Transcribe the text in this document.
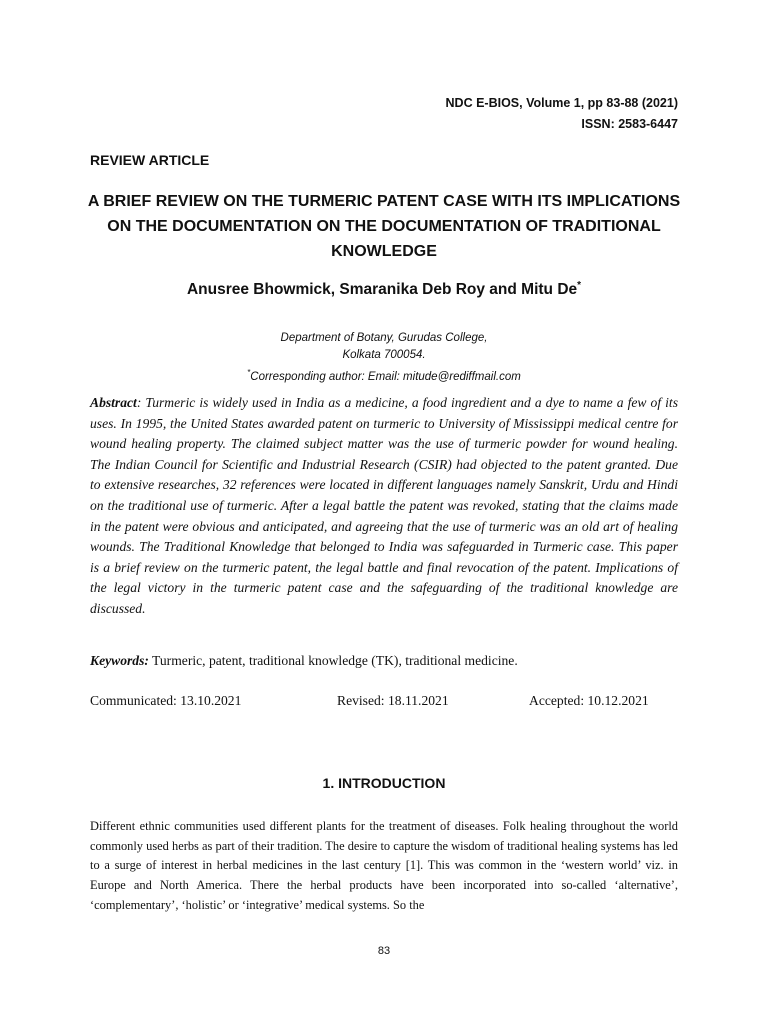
NDC E-BIOS, Volume 1, pp 83-88 (2021)
ISSN: 2583-6447
REVIEW ARTICLE
A BRIEF REVIEW ON THE TURMERIC PATENT CASE WITH ITS IMPLICATIONS ON THE DOCUMENTATION ON THE DOCUMENTATION OF TRADITIONAL KNOWLEDGE
Anusree Bhowmick, Smaranika Deb Roy and Mitu De*
Department of Botany, Gurudas College,
Kolkata 700054.
*Corresponding author: Email: mitude@rediffmail.com
Abstract: Turmeric is widely used in India as a medicine, a food ingredient and a dye to name a few of its uses. In 1995, the United States awarded patent on turmeric to University of Mississippi medical centre for wound healing property. The claimed subject matter was the use of turmeric powder for wound healing. The Indian Council for Scientific and Industrial Research (CSIR) had objected to the patent granted. Due to extensive researches, 32 references were located in different languages namely Sanskrit, Urdu and Hindi on the traditional use of turmeric. After a legal battle the patent was revoked, stating that the claims made in the patent were obvious and anticipated, and agreeing that the use of turmeric was an old art of healing wounds. The Traditional Knowledge that belonged to India was safeguarded in Turmeric case. This paper is a brief review on the turmeric patent, the legal battle and final revocation of the patent. Implications of the legal victory in the turmeric patent case and the safeguarding of the traditional knowledge are discussed.
Keywords: Turmeric, patent, traditional knowledge (TK), traditional medicine.
Communicated: 13.10.2021	Revised: 18.11.2021	Accepted: 10.12.2021
1. INTRODUCTION
Different ethnic communities used different plants for the treatment of diseases. Folk healing throughout the world commonly used herbs as part of their tradition. The desire to capture the wisdom of traditional healing systems has led to a surge of interest in herbal medicines in the last century [1]. This was common in the ‘western world’ viz. in Europe and North America. There the herbal products have been incorporated into so-called ‘alternative’, ‘complementary’, ‘holistic’ or ‘integrative’ medical systems. So the
83
